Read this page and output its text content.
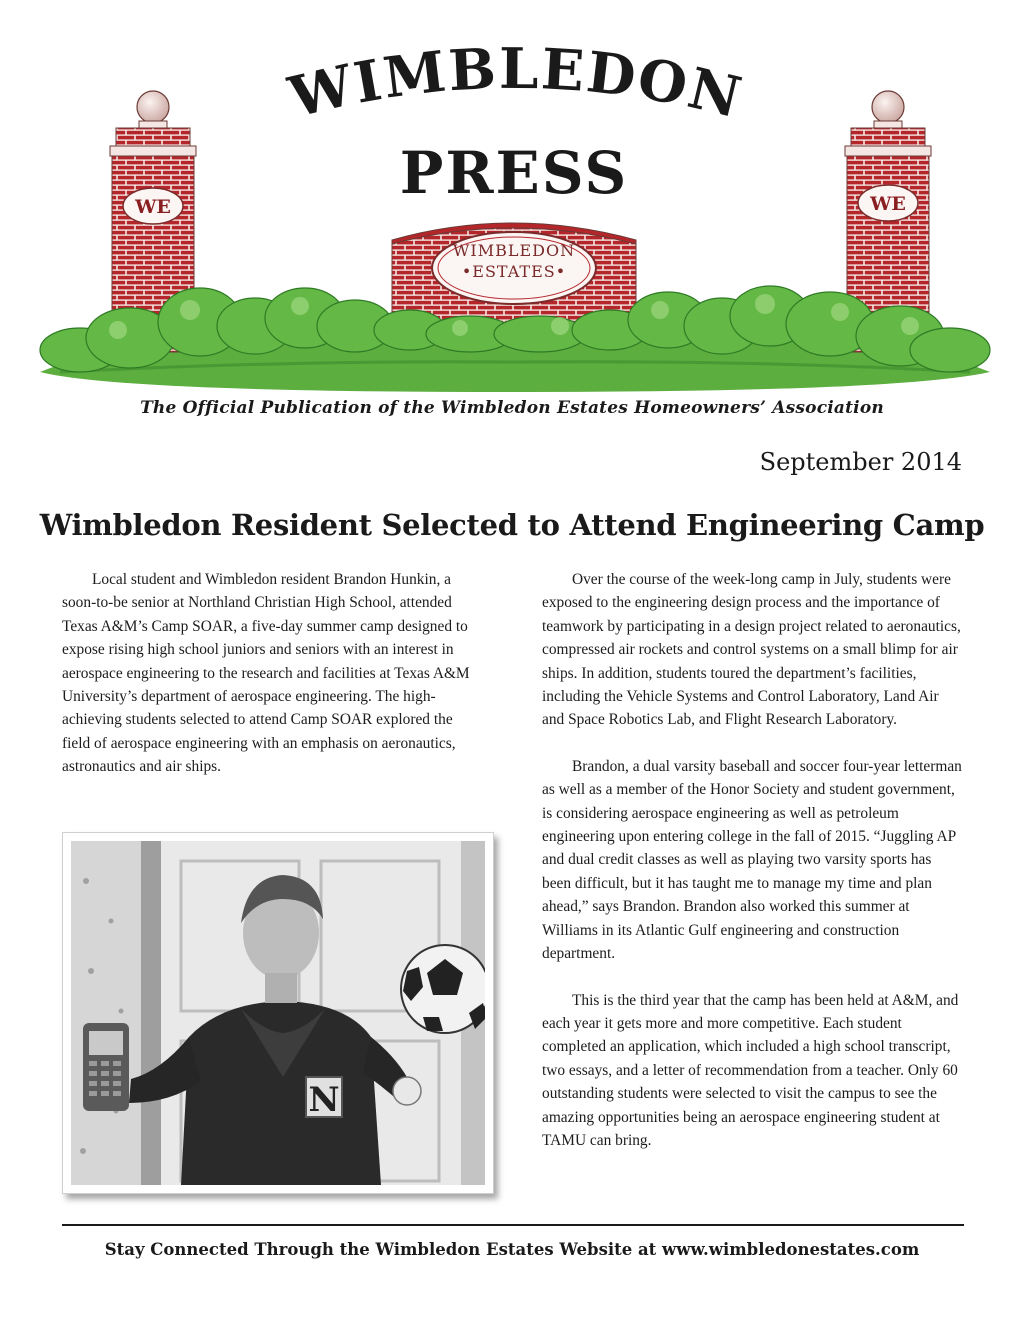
WE	WE
WIMBLEDON
•ESTATES•
WIMBLEDON
PRESS
The Official Publication of the Wimbledon Estates Homeowners’ Association
September 2014
Wimbledon Resident Selected to Attend Engineering Camp

Local student and Wimbledon resident Brandon Hunkin, a soon-to-be senior at Northland Christian High School, attended Texas A&M’s Camp SOAR, a five-day summer camp designed to expose rising high school juniors and seniors with an interest in aerospace engineering to the research and facilities at Texas A&M University’s department of aerospace engineering. The high-achieving students selected to attend Camp SOAR explored the field of aerospace engineering with an emphasis on aeronautics, astronautics and air ships.

N

Over the course of the week-long camp in July, students were exposed to the engineering design process and the importance of teamwork by participating in a design project related to aeronautics, compressed air rockets and control systems on a small blimp for air ships. In addition, students toured the department’s facilities, including the Vehicle Systems and Control Laboratory, Land Air and Space Robotics Lab, and Flight Research Laboratory.

Brandon, a dual varsity baseball and soccer four-year letterman as well as a member of the Honor Society and student government, is considering aerospace engineering as well as petroleum engineering upon entering college in the fall of 2015. “Juggling AP and dual credit classes as well as playing two varsity sports has been difficult, but it has taught me to manage my time and plan ahead,” says Brandon. Brandon also worked this summer at Williams in its Atlantic Gulf engineering and construction department.

This is the third year that the camp has been held at A&M, and each year it gets more and more competitive. Each student completed an application, which included a high school transcript, two essays, and a letter of recommendation from a teacher. Only 60 outstanding students were selected to visit the campus to see the amazing opportunities being an aerospace engineering student at TAMU can bring.

Stay Connected Through the Wimbledon Estates Website at www.wimbledonestates.com
